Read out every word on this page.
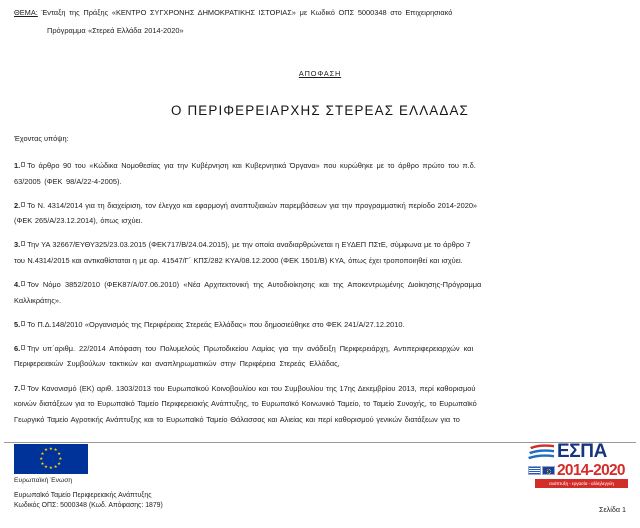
ΘΕΜΑ: Ένταξη της Πράξης «ΚΕΝΤΡΟ ΣΥΓΧΡΟΝΗΣ ΔΗΜΟΚΡΑΤΙΚΗΣ ΙΣΤΟΡΙΑΣ» με Κωδικό ΟΠΣ 5000348 στο Επιχειρησιακό
Πρόγραμμα «Στερεά Ελλάδα 2014-2020»
ΑΠΟΦΑΣΗ
Ο ΠΕΡΙΦΕΡΕΙΑΡΧΗΣ ΣΤΕΡΕΑΣ ΕΛΛΑΔΑΣ
Έχοντας υπόψη:

1. Το άρθρο 90 του «Κώδικα Νομοθεσίας για την Κυβέρνηση και Κυβερνητικά Όργανα» που κυρώθηκε με το άρθρο πρώτο του π.δ.

63/2005 (ΦΕΚ 98/Α/22-4-2005).

2. Το Ν. 4314/2014 για τη διαχείριση, τον έλεγχο και εφαρμογή αναπτυξιακών παρεμβάσεων για την προγραμματική περίοδο 2014-2020»

(ΦΕΚ 265/Α/23.12.2014), όπως ισχύει.

3. Την ΥΑ 32667/ΕΥΘΥ325/23.03.2015 (ΦΕΚ717/Β/24.04.2015), με την οποία αναδιαρθρώνεται η ΕΥΔΕΠ ΠΣτΕ, σύμφωνα με το άρθρο 7

του Ν.4314/2015 και αντικαθίσταται η με αρ. 41547/Γ΄ ΚΠΣ/282 ΚΥΑ/08.12.2000 (ΦΕΚ 1501/Β) ΚΥΑ, όπως έχει τροποποιηθεί και ισχύει.

4. Τον Νόμο 3852/2010 (ΦΕΚ87/Α/07.06.2010) «Νέα Αρχιτεκτονική της Αυτοδιοίκησης και της Αποκεντρωμένης Διοίκησης-Πρόγραμμα

Καλλικράτης».

5. Το Π.Δ.148/2010 «Οργανισμός της Περιφέρειας Στερεάς Ελλάδας» που δημοσιεύθηκε στο ΦΕΚ 241/Α/27.12.2010.

6. Την υπ΄αριθμ. 22/2014 Απόφαση του Πολυμελούς Πρωτοδικείου Λαμίας για την ανάδειξη Περιφερειάρχη, Αντιπεριφερειαρχών και

Περιφερειακών Συμβούλων τακτικών και αναπληρωματικών στην Περιφέρεια Στερεάς Ελλάδας,

7. Τον Κανονισμό (ΕΚ) αριθ. 1303/2013 του Ευρωπαϊκού Κοινοβουλίου και του Συμβουλίου της 17ης Δεκεμβρίου 2013, περί καθορισμού

κοινών διατάξεων για το Ευρωπαϊκό Ταμείο Περιφερειακής Ανάπτυξης, το Ευρωπαϊκό Κοινωνικό Ταμείο, το Ταμείο Συνοχής, το Ευρωπαϊκό

Γεωργικό Ταμείο Αγροτικής Ανάπτυξης και το Ευρωπαϊκό Ταμείο Θάλασσας και Αλιείας και περί καθορισμού γενικών διατάξεων για το

Ευρωπαϊκή Ένωση
Ευρωπαϊκό Ταμείο Περιφερειακής Ανάπτυξης
Κωδικός ΟΠΣ: 5000348 (Κωδ. Απόφασης: 1879)
ΕΣΠΑ
2014-2020
ανάπτυξη - εργασία - αλληλεγγύη
Σελίδα 1
